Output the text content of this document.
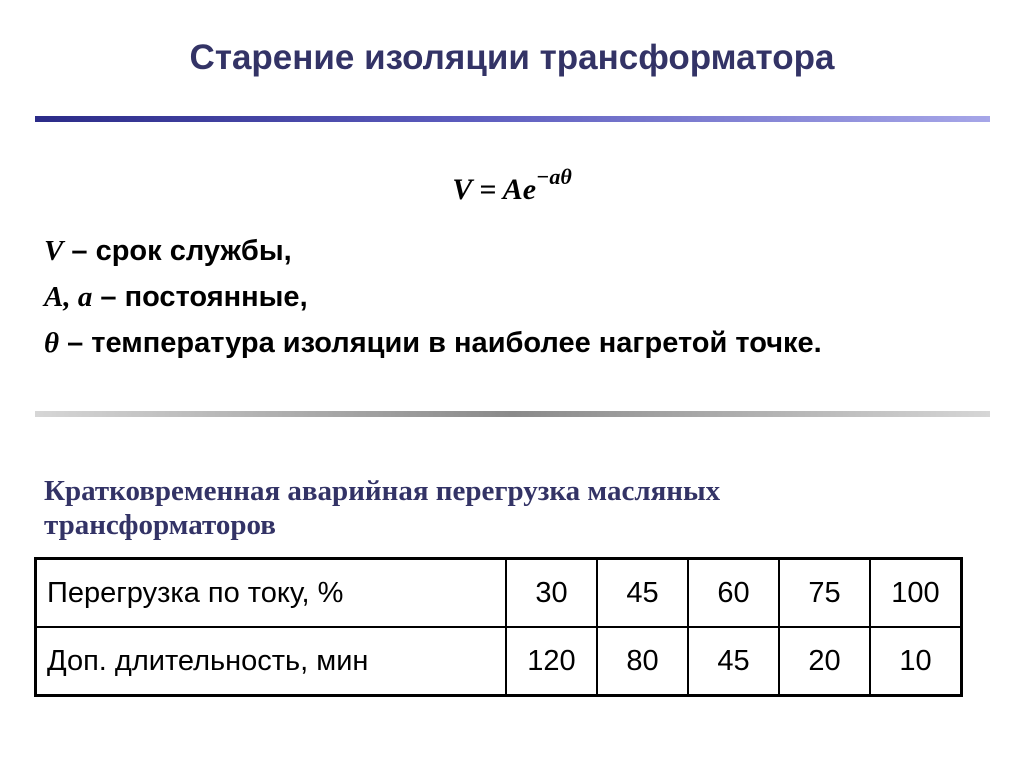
Старение изоляции трансформатора
$V = Ae^{-a\theta}$
V – срок службы,
A, a – постоянные,
θ – температура изоляции в наиболее нагретой точке.
Кратковременная аварийная перегрузка масляных
трансформаторов
Перегрузка по току, %	30	45	60	75	100
Доп. длительность, мин	120	80	45	20	10
